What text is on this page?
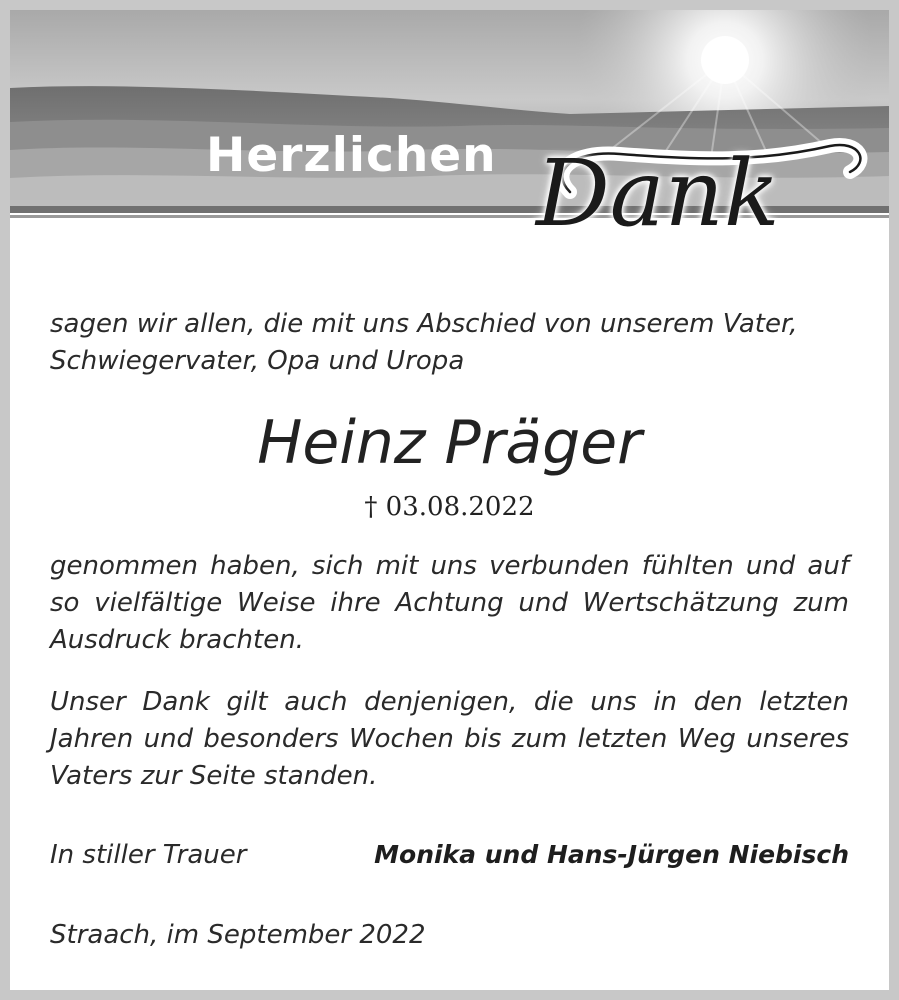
Herzlichen Dank

sagen wir allen, die mit uns Abschied von unserem Vater, Schwiegervater, Opa und Uropa

Heinz Präger

† 03.08.2022

genommen haben, sich mit uns verbunden fühlten und auf so vielfältige Weise ihre Achtung und Wertschätzung zum Ausdruck brachten.

Unser Dank gilt auch denjenigen, die uns in den letzten Jahren und besonders Wochen bis zum letzten Weg unseres Vaters zur Seite standen.

In stiller Trauer	Monika und Hans-Jürgen Niebisch
Straach, im September 2022
